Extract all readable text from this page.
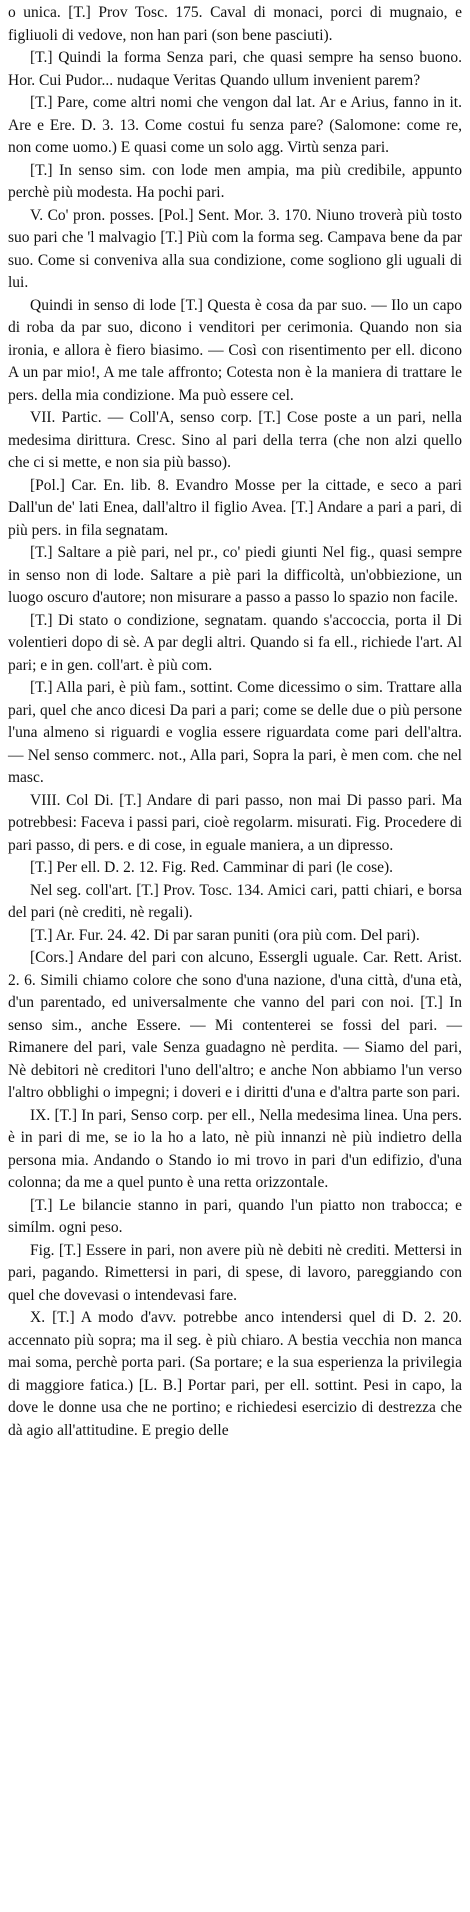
o unica. [T.] Prov Tosc. 175. Caval di monaci, porci di mugnaio, e figliuoli di vedove, non han pari (son bene pasciuti).

[T.] Quindi la forma Senza pari, che quasi sempre ha senso buono. Hor. Cui Pudor... nudaque Veritas Quando ullum invenient parem?

[T.] Pare, come altri nomi che vengon dal lat. Ar e Arius, fanno in it. Are e Ere. D. 3. 13. Come costui fu senza pare? (Salomone: come re, non come uomo.) E quasi come un solo agg. Virtù senza pari.

[T.] In senso sim. con lode men ampia, ma più credibile, appunto perchè più modesta. Ha pochi pari.

V. Co' pron. posses. [Pol.] Sent. Mor. 3. 170. Niuno troverà più tosto suo pari che 'l malvagio [T.] Più com la forma seg. Campava bene da par suo. Come si conveniva alla sua condizione, come sogliono gli uguali di lui.

Quindi in senso di lode [T.] Questa è cosa da par suo. — Ilo un capo di roba da par suo, dicono i venditori per cerimonia. Quando non sia ironia, e allora è fiero biasimo. — Così con risentimento per ell. dicono A un par mio!, A me tale affronto; Cotesta non è la maniera di trattare le pers. della mia condizione. Ma può essere cel.

VII. Partic. — Coll'A, senso corp. [T.] Cose poste a un pari, nella medesima dirittura. Cresc. Sino al pari della terra (che non alzi quello che ci si mette, e non sia più basso).

[Pol.] Car. En. lib. 8. Evandro Mosse per la cittade, e seco a pari Dall'un de' lati Enea, dall'altro il figlio Avea. [T.] Andare a pari a pari, di più pers. in fila segnatam.

[T.] Saltare a piè pari, nel pr., co' piedi giunti Nel fig., quasi sempre in senso non di lode. Saltare a piè pari la difficoltà, un'obbiezione, un luogo oscuro d'autore; non misurare a passo a passo lo spazio non facile.

[T.] Di stato o condizione, segnatam. quando s'accoccia, porta il Di volentieri dopo di sè. A par degli altri. Quando si fa ell., richiede l'art. Al pari; e in gen. coll'art. è più com.

[T.] Alla pari, è più fam., sottint. Come dicessimo o sim. Trattare alla pari, quel che anco dicesi Da pari a pari; come se delle due o più persone l'una almeno si riguardi e voglia essere riguardata come pari dell'altra. — Nel senso commerc. not., Alla pari, Sopra la pari, è men com. che nel masc.

VIII. Col Di. [T.] Andare di pari passo, non mai Di passo pari. Ma potrebbesi: Faceva i passi pari, cioè regolarm. misurati. Fig. Procedere di pari passo, di pers. e di cose, in eguale maniera, a un dipresso.

[T.] Per ell. D. 2. 12. Fig. Red. Camminar di pari (le cose).

Nel seg. coll'art. [T.] Prov. Tosc. 134. Amici cari, patti chiari, e borsa del pari (nè crediti, nè regali).

[T.] Ar. Fur. 24. 42. Di par saran puniti (ora più com. Del pari).

[Cors.] Andare del pari con alcuno, Essergli uguale. Car. Rett. Arist. 2. 6. Simili chiamo colore che sono d'una nazione, d'una città, d'una età, d'un parentado, ed universalmente che vanno del pari con noi. [T.] In senso sim., anche Essere. — Mi contenterei se fossi del pari. — Rimanere del pari, vale Senza guadagno nè perdita. — Siamo del pari, Nè debitori nè creditori l'uno dell'altro; e anche Non abbiamo l'un verso l'altro obblighi o impegni; i doveri e i diritti d'una e d'altra parte son pari.

IX. [T.] In pari, Senso corp. per ell., Nella medesima linea. Una pers. è in pari di me, se io la ho a lato, nè più innanzi nè più indietro della persona mia. Andando o Stando io mi trovo in pari d'un edifizio, d'una colonna; da me a quel punto è una retta orizzontale.

[T.] Le bilancie stanno in pari, quando l'un piatto non trabocca; e simílm. ogni peso.

Fig. [T.] Essere in pari, non avere più nè debiti nè crediti. Mettersi in pari, pagando. Rimettersi in pari, di spese, di lavoro, pareggiando con quel che dovevasi o intendevasi fare.

X. [T.] A modo d'avv. potrebbe anco intendersi quel di D. 2. 20. accennato più sopra; ma il seg. è più chiaro. A bestia vecchia non manca mai soma, perchè porta pari. (Sa portare; e la sua esperienza la privilegia di maggiore fatica.) [L. B.] Portar pari, per ell. sottint. Pesi in capo, la dove le donne usa che ne portino; e richiedesi esercizio di destrezza che dà agio all'attitudine. E pregio delle
